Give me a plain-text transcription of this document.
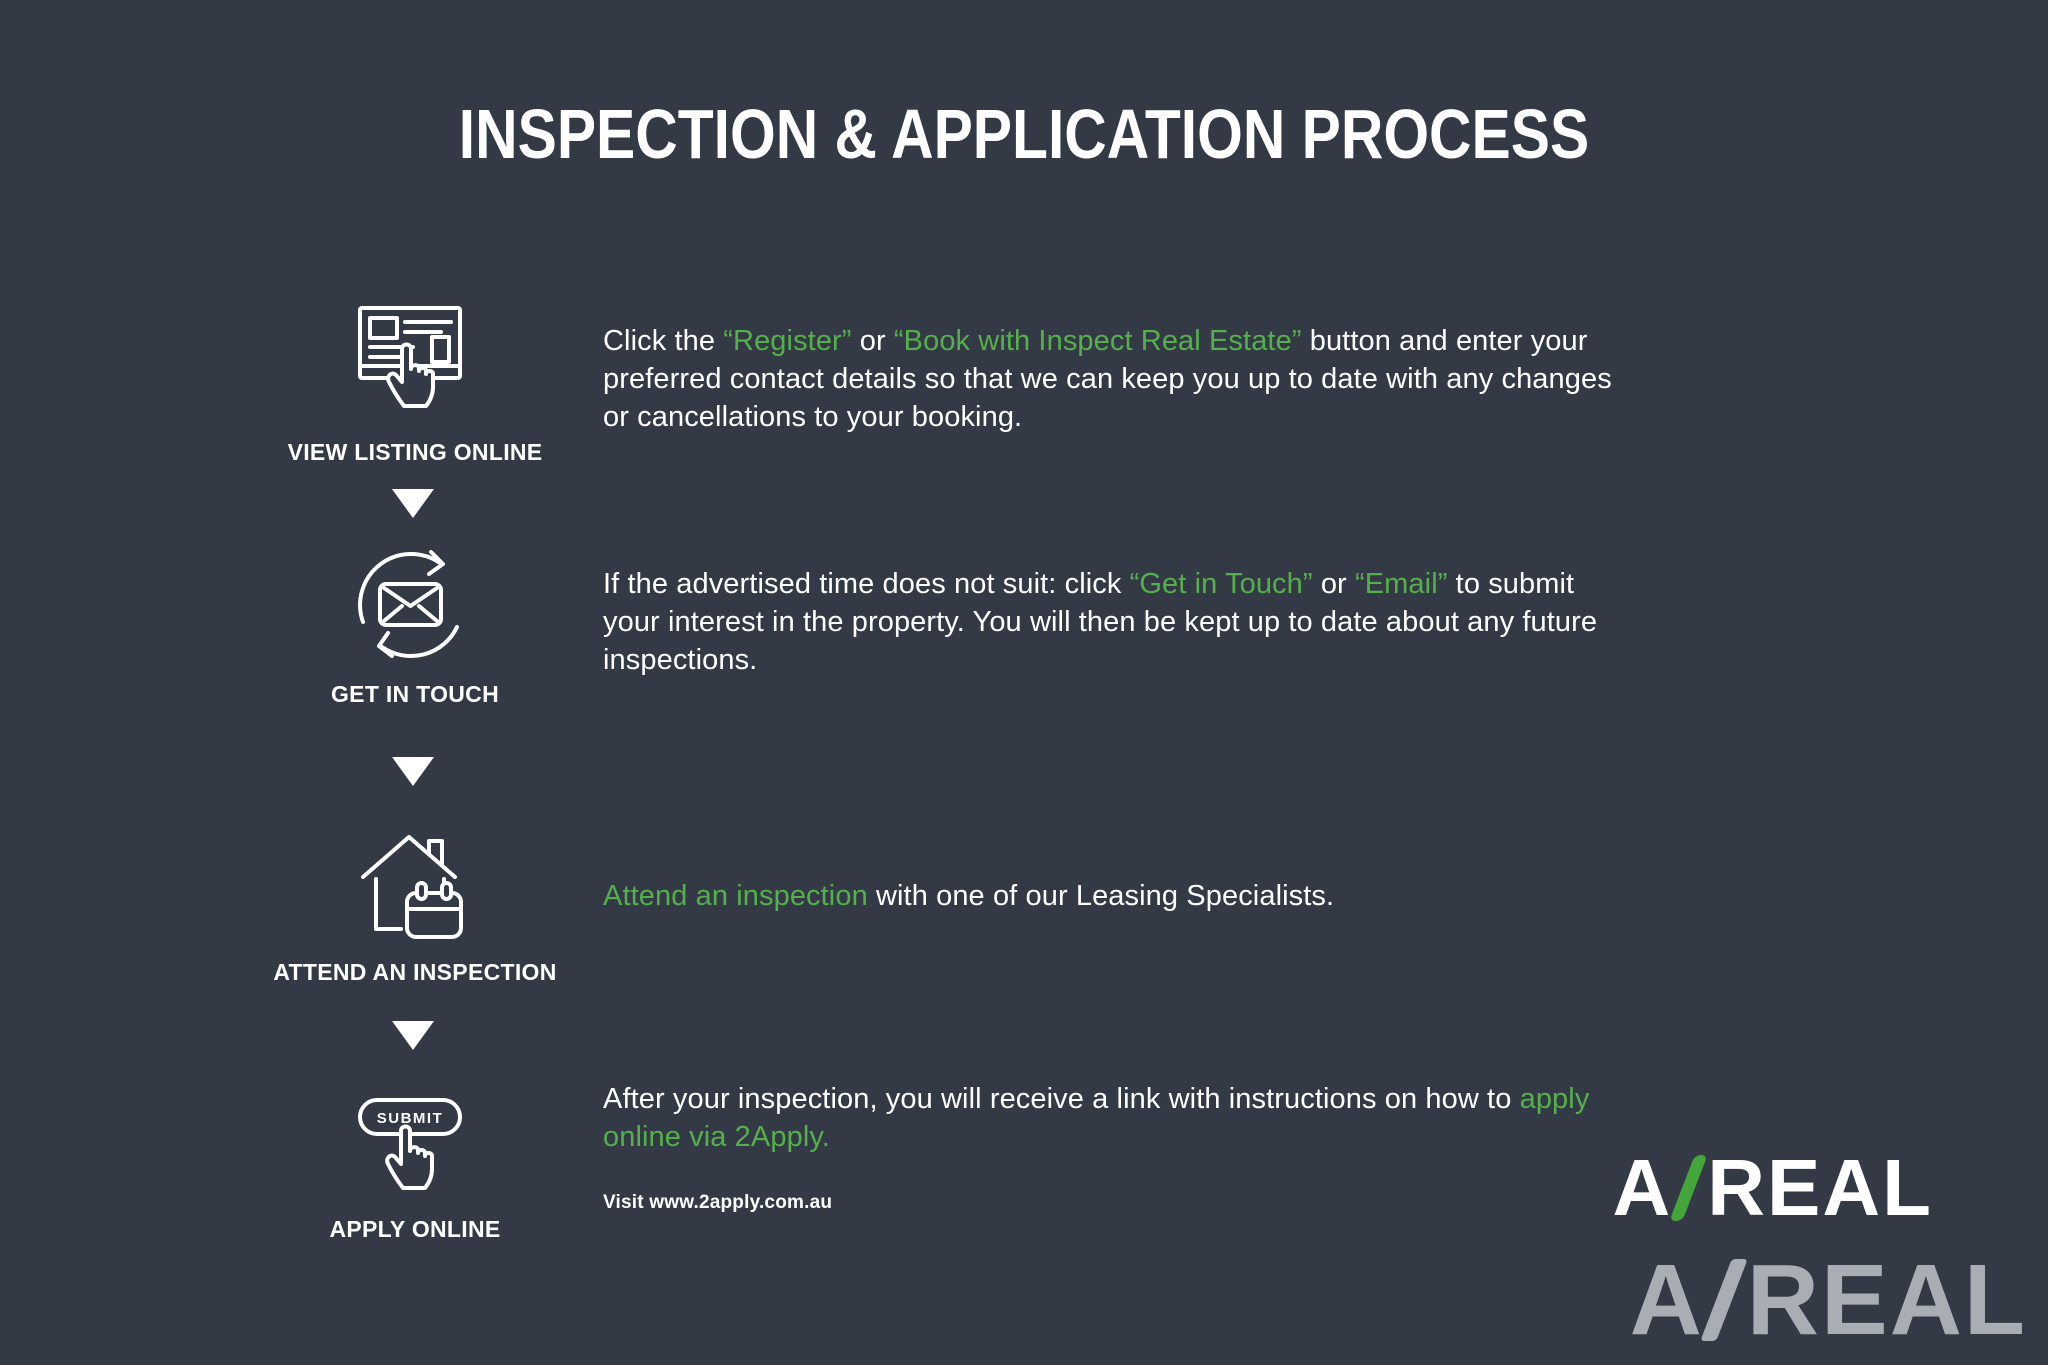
INSPECTION & APPLICATION PROCESS
VIEW LISTING ONLINE

Click the “Register” or “Book with Inspect Real Estate” button and enter your preferred contact details so that we can keep you up to date with any changes or cancellations to your booking.

GET IN TOUCH

If the advertised time does not suit: click “Get in Touch” or “Email” to submit your interest in the property. You will then be kept up to date about any future inspections.

ATTEND AN INSPECTION

Attend an inspection with one of our Leasing Specialists.

SUBMIT
APPLY ONLINE

After your inspection, you will receive a link with instructions on how to apply online via 2Apply.

Visit www.2apply.com.au	A REAL
A REAL
